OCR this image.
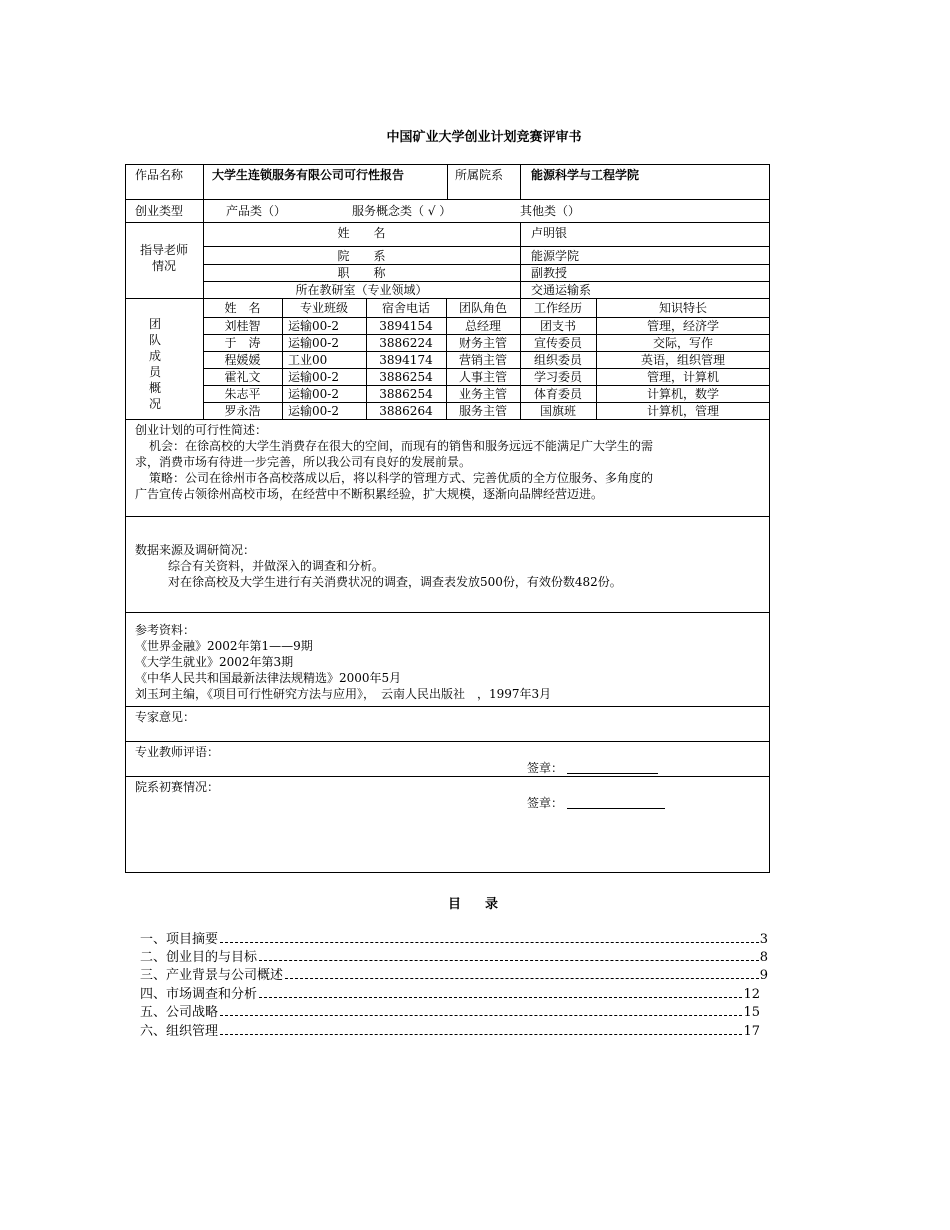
中国矿业大学创业计划竞赛评审书
作品名称 大学生连锁服务有限公司可行性报告	所属院系 能源科学与工程学院
创业类型	产品类（）	服务概念类（ √ ）	其他类（）
指导老师
情况
姓　　名	卢明银
院　　系	能源学院
职　　称	副教授
所在教研室（专业领域）	交通运输系
团
队
成
员
概
况
姓　名	专业班级	宿舍电话	团队角色	工作经历	知识特长
刘桂智	运输00-2	3894154	总经理	团支书	管理，经济学
于　涛	运输00-2	3886224	财务主管	宣传委员	交际，写作
程媛媛	工业00	3894174	营销主管	组织委员	英语，组织管理
霍礼文	运输00-2	3886254	人事主管	学习委员	管理，计算机
朱志平	运输00-2	3886254	业务主管	体育委员	计算机，数学
罗永浩	运输00-2	3886264	服务主管	国旗班	计算机，管理
创业计划的可行性简述：
机会：在徐高校的大学生消费存在很大的空间，而现有的销售和服务远远不能满足广大学生的需
求，消费市场有待进一步完善，所以我公司有良好的发展前景。
策略：公司在徐州市各高校落成以后，将以科学的管理方式、完善优质的全方位服务、多角度的
广告宣传占领徐州高校市场，在经营中不断积累经验，扩大规模，逐渐向品牌经营迈进。
数据来源及调研简况：
综合有关资料，并做深入的调查和分析。
对在徐高校及大学生进行有关消费状况的调查，调查表发放500份，有效份数482份。
参考资料：
《世界金融》2002年第1——9期
《大学生就业》2002年第3期
《中华人民共和国最新法律法规精选》2000年5月
刘玉珂主编，《项目可行性研究方法与应用》，　云南人民出版社　，1997年3月
专家意见：
专业教师评语：
签章：
院系初赛情况：
签章：
目录
一、项目摘要	3
二、创业目的与目标	8
三、产业背景与公司概述	9
四、市场调查和分析	12
五、公司战略	15
六、组织管理	17
